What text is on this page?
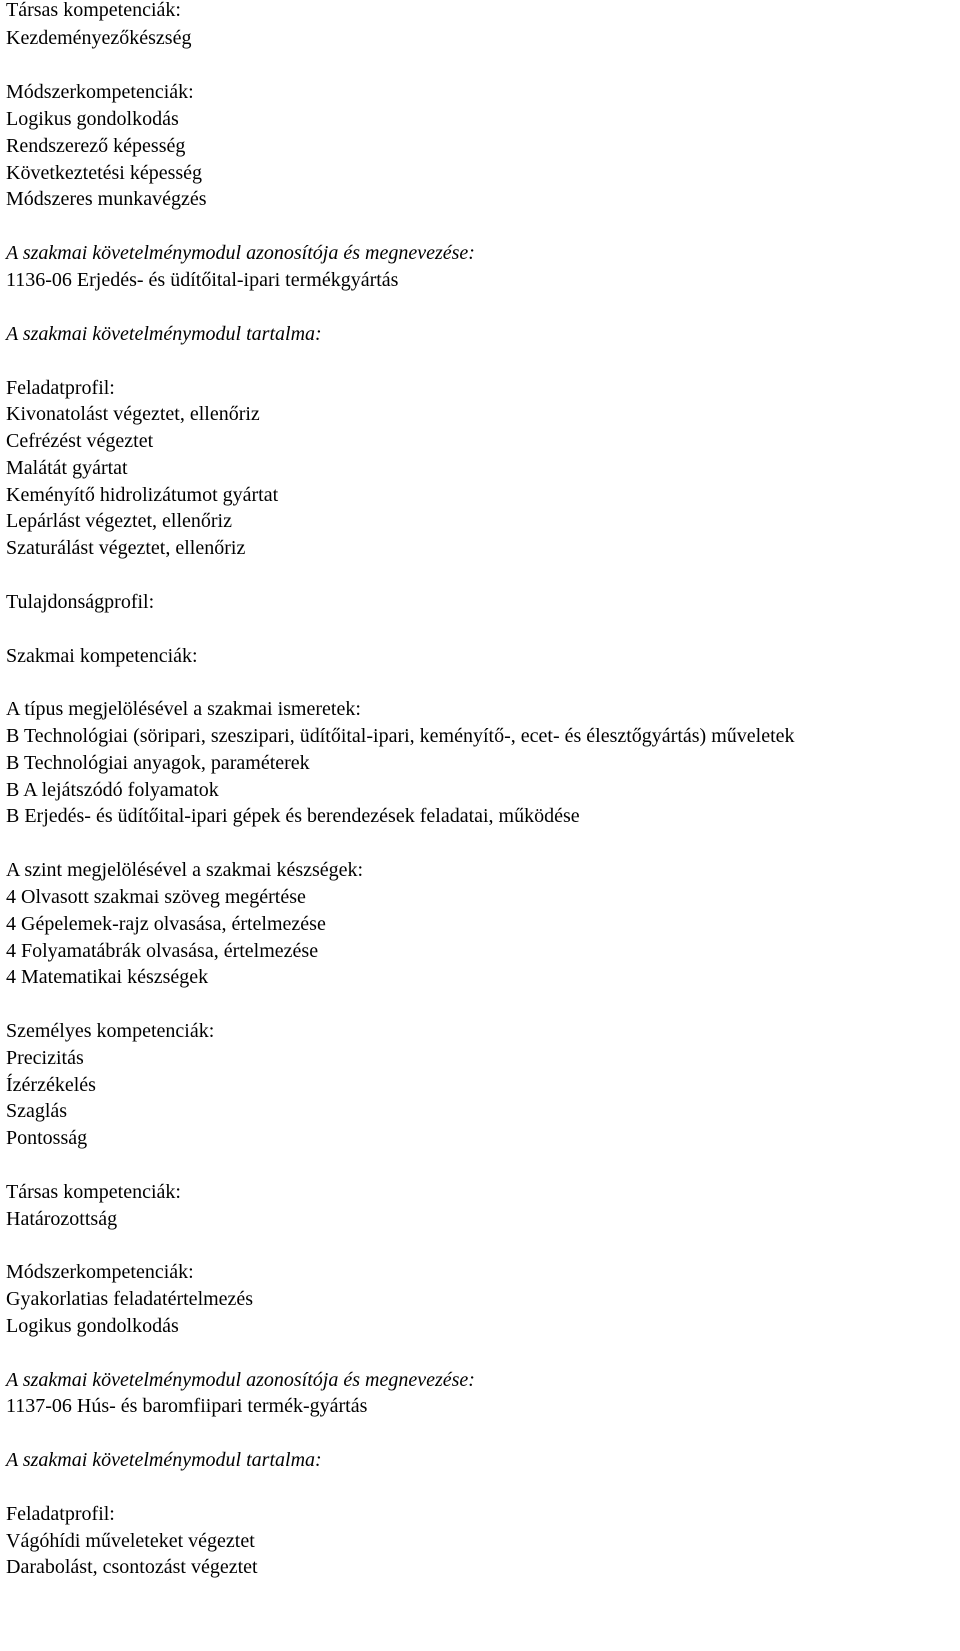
Társas kompetenciák:
Kezdeményezőkészség
Módszerkompetenciák:
Logikus gondolkodás
Rendszerező képesség
Következtetési képesség
Módszeres munkavégzés
A szakmai követelménymodul azonosítója és megnevezése:
1136-06 Erjedés- és üdítőital-ipari termékgyártás
A szakmai követelménymodul tartalma:
Feladatprofil:
Kivonatolást végeztet, ellenőriz
Cefrézést végeztet
Malátát gyártat
Keményítő hidrolizátumot gyártat
Lepárlást végeztet, ellenőriz
Szaturálást végeztet, ellenőriz
Tulajdonságprofil:
Szakmai kompetenciák:
A típus megjelölésével a szakmai ismeretek:
B Technológiai (söripari, szeszipari, üdítőital-ipari, keményítő-, ecet- és élesztőgyártás) műveletek
B Technológiai anyagok, paraméterek
B A lejátszódó folyamatok
B Erjedés- és üdítőital-ipari gépek és berendezések feladatai, működése
A szint megjelölésével a szakmai készségek:
4 Olvasott szakmai szöveg megértése
4 Gépelemek-rajz olvasása, értelmezése
4 Folyamatábrák olvasása, értelmezése
4 Matematikai készségek
Személyes kompetenciák:
Precizitás
Ízérzékelés
Szaglás
Pontosság
Társas kompetenciák:
Határozottság
Módszerkompetenciák:
Gyakorlatias feladatértelmezés
Logikus gondolkodás
A szakmai követelménymodul azonosítója és megnevezése:
1137-06 Hús- és baromfiipari termék-gyártás
A szakmai követelménymodul tartalma:
Feladatprofil:
Vágóhídi műveleteket végeztet
Darabolást, csontozást végeztet
